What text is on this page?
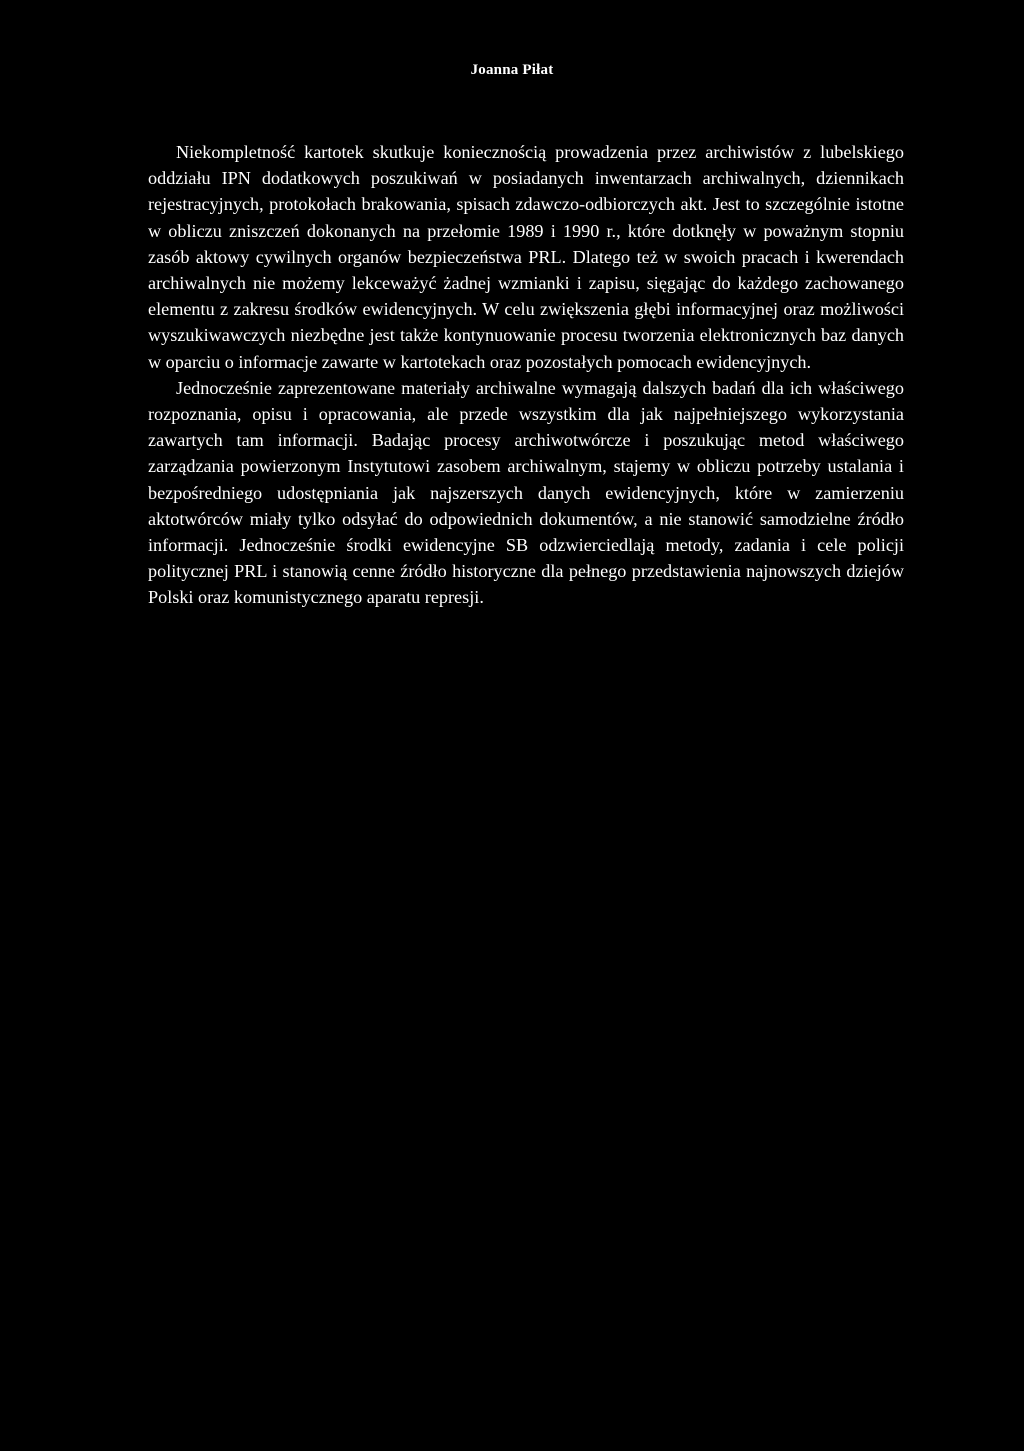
Joanna Piłat

Niekompletność kartotek skutkuje koniecznością prowadzenia przez archiwistów z lubelskiego oddziału IPN dodatkowych poszukiwań w posiadanych inwentarzach archiwalnych, dziennikach rejestracyjnych, protokołach brakowania, spisach zdawczo-odbiorczych akt. Jest to szczególnie istotne w obliczu zniszczeń dokonanych na przełomie 1989 i 1990 r., które dotknęły w poważnym stopniu zasób aktowy cywilnych organów bezpieczeństwa PRL. Dlatego też w swoich pracach i kwerendach archiwalnych nie możemy lekceważyć żadnej wzmianki i zapisu, sięgając do każdego zachowanego elementu z zakresu środków ewidencyjnych. W celu zwiększenia głębi informacyjnej oraz możliwości wyszukiwawczych niezbędne jest także kontynuowanie procesu tworzenia elektronicznych baz danych w oparciu o informacje zawarte w kartotekach oraz pozostałych pomocach ewidencyjnych.

Jednocześnie zaprezentowane materiały archiwalne wymagają dalszych badań dla ich właściwego rozpoznania, opisu i opracowania, ale przede wszystkim dla jak najpełniejszego wykorzystania zawartych tam informacji. Badając procesy archiwotwórcze i poszukując metod właściwego zarządzania powierzonym Instytutowi zasobem archiwalnym, stajemy w obliczu potrzeby ustalania i bezpośredniego udostępniania jak najszerszych danych ewidencyjnych, które w zamierzeniu aktotwórców miały tylko odsyłać do odpowiednich dokumentów, a nie stanowić samodzielne źródło informacji. Jednocześnie środki ewidencyjne SB odzwierciedlają metody, zadania i cele policji politycznej PRL i stanowią cenne źródło historyczne dla pełnego przedstawienia najnowszych dziejów Polski oraz komunistycznego aparatu represji.
